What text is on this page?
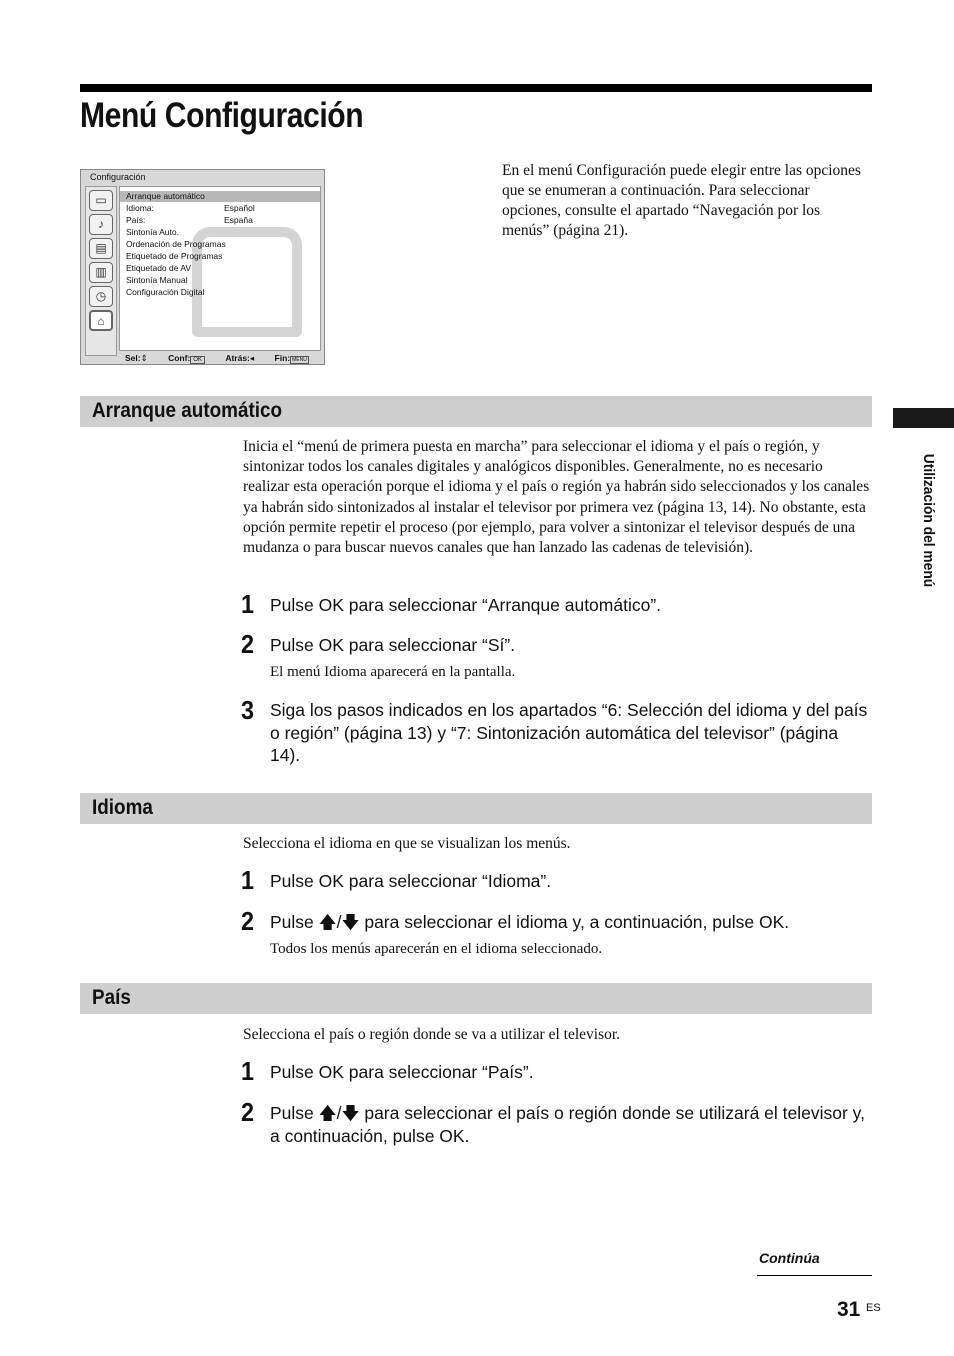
Menú Configuración
Configuración
▭
♪
▤
▥
◷
⌂
Arranque automático
Idioma:	Español
País:	España
Sintonía Auto.
Ordenación de Programas
Etiquetado de Programas
Etiquetado de AV
Sintonía Manual
Configuración Digital
Sel:⇕ Conf: OK	Atrás:◂ Fin: MENU
En el menú Configuración puede elegir entre las opciones que se enumeran a continuación. Para seleccionar opciones, consulte el apartado “Navegación por los menús” (página 21).
Utilización del menú
Arranque automático
Inicia el “menú de primera puesta en marcha” para seleccionar el idioma y el país o región, y sintonizar todos los canales digitales y analógicos disponibles. Generalmente, no es necesario realizar esta operación porque el idioma y el país o región ya habrán sido seleccionados y los canales ya habrán sido sintonizados al instalar el televisor por primera vez (página 13, 14). No obstante, esta opción permite repetir el proceso (por ejemplo, para volver a sintonizar el televisor después de una mudanza o para buscar nuevos canales que han lanzado las cadenas de televisión).
1 Pulse OK para seleccionar “Arranque automático”.
2 Pulse OK para seleccionar “Sí”.
El menú Idioma aparecerá en la pantalla.
3 Siga los pasos indicados en los apartados “6: Selección del idioma y del país o región” (página 13) y “7: Sintonización automática del televisor” (página 14).
Idioma
Selecciona el idioma en que se visualizan los menús.
1 Pulse OK para seleccionar “Idioma”.
2 Pulse 🡅/🡇 para seleccionar el idioma y, a continuación, pulse OK.
Todos los menús aparecerán en el idioma seleccionado.
País
Selecciona el país o región donde se va a utilizar el televisor.
1 Pulse OK para seleccionar “País”.
2 Pulse 🡅/🡇 para seleccionar el país o región donde se utilizará el televisor y, a continuación, pulse OK.
Continúa
31 ES
